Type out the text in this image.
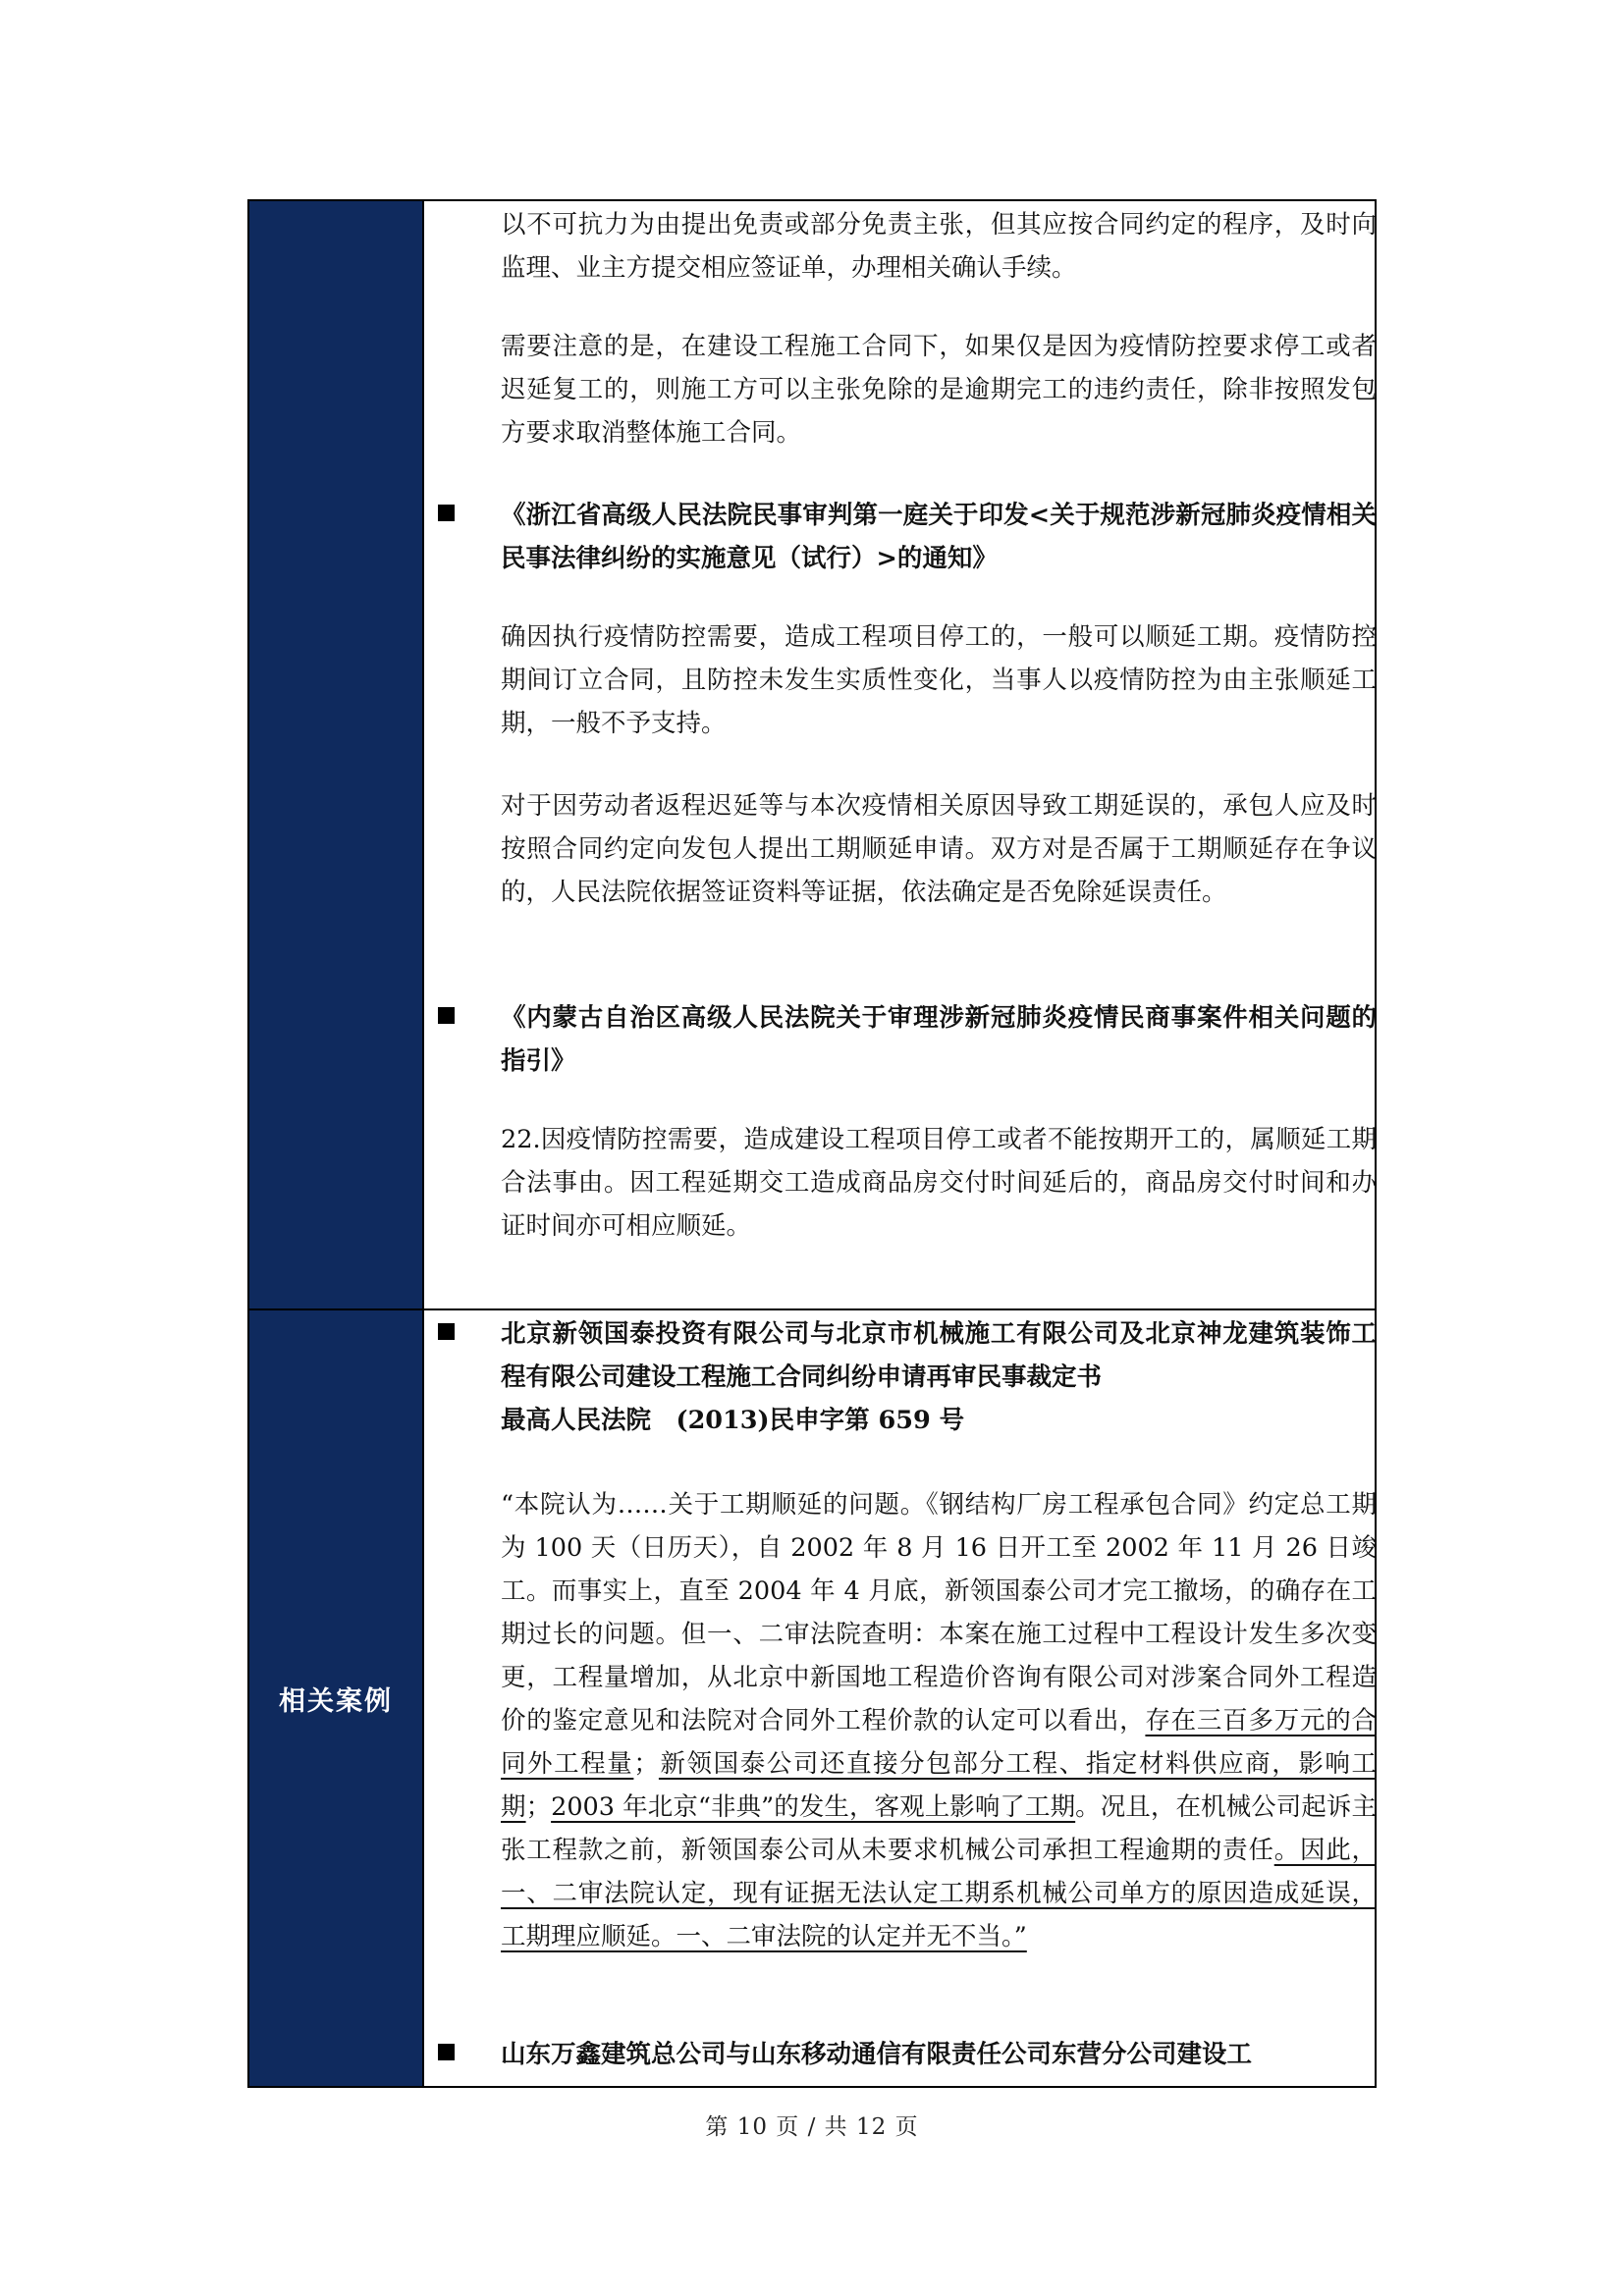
以不可抗力为由提出免责或部分免责主张，但其应按合同约定的程序，及时向监理、业主方提交相应签证单，办理相关确认手续。

需要注意的是，在建设工程施工合同下，如果仅是因为疫情防控要求停工或者迟延复工的，则施工方可以主张免除的是逾期完工的违约责任，除非按照发包方要求取消整体施工合同。

《浙江省高级人民法院民事审判第一庭关于印发<关于规范涉新冠肺炎疫情相关民事法律纠纷的实施意见（试行）>的通知》

确因执行疫情防控需要，造成工程项目停工的，一般可以顺延工期。疫情防控期间订立合同，且防控未发生实质性变化，当事人以疫情防控为由主张顺延工期，一般不予支持。

对于因劳动者返程迟延等与本次疫情相关原因导致工期延误的，承包人应及时按照合同约定向发包人提出工期顺延申请。双方对是否属于工期顺延存在争议的，人民法院依据签证资料等证据，依法确定是否免除延误责任。

《内蒙古自治区高级人民法院关于审理涉新冠肺炎疫情民商事案件相关问题的指引》

22.因疫情防控需要，造成建设工程项目停工或者不能按期开工的，属顺延工期合法事由。因工程延期交工造成商品房交付时间延后的，商品房交付时间和办证时间亦可相应顺延。

相关案例

北京新领国泰投资有限公司与北京市机械施工有限公司及北京神龙建筑装饰工程有限公司建设工程施工合同纠纷申请再审民事裁定书

最高人民法院　(2013)民申字第 659 号

“本院认为……关于工期顺延的问题。《钢结构厂房工程承包合同》约定总工期为 100 天（日历天），自 2002 年 8 月 16 日开工至 2002 年 11 月 26 日竣工。而事实上，直至 2004 年 4 月底，新领国泰公司才完工撤场，的确存在工期过长的问题。但一、二审法院查明：本案在施工过程中工程设计发生多次变更，工程量增加，从北京中新国地工程造价咨询有限公司对涉案合同外工程造价的鉴定意见和法院对合同外工程价款的认定可以看出，存在三百多万元的合同外工程量；新领国泰公司还直接分包部分工程、指定材料供应商，影响工期；2003 年北京“非典”的发生，客观上影响了工期。况且，在机械公司起诉主张工程款之前，新领国泰公司从未要求机械公司承担工程逾期的责任。因此，一、二审法院认定，现有证据无法认定工期系机械公司单方的原因造成延误，工期理应顺延。一、二审法院的认定并无不当。”

山东万鑫建筑总公司与山东移动通信有限责任公司东营分公司建设工

第 10 页 / 共 12 页
